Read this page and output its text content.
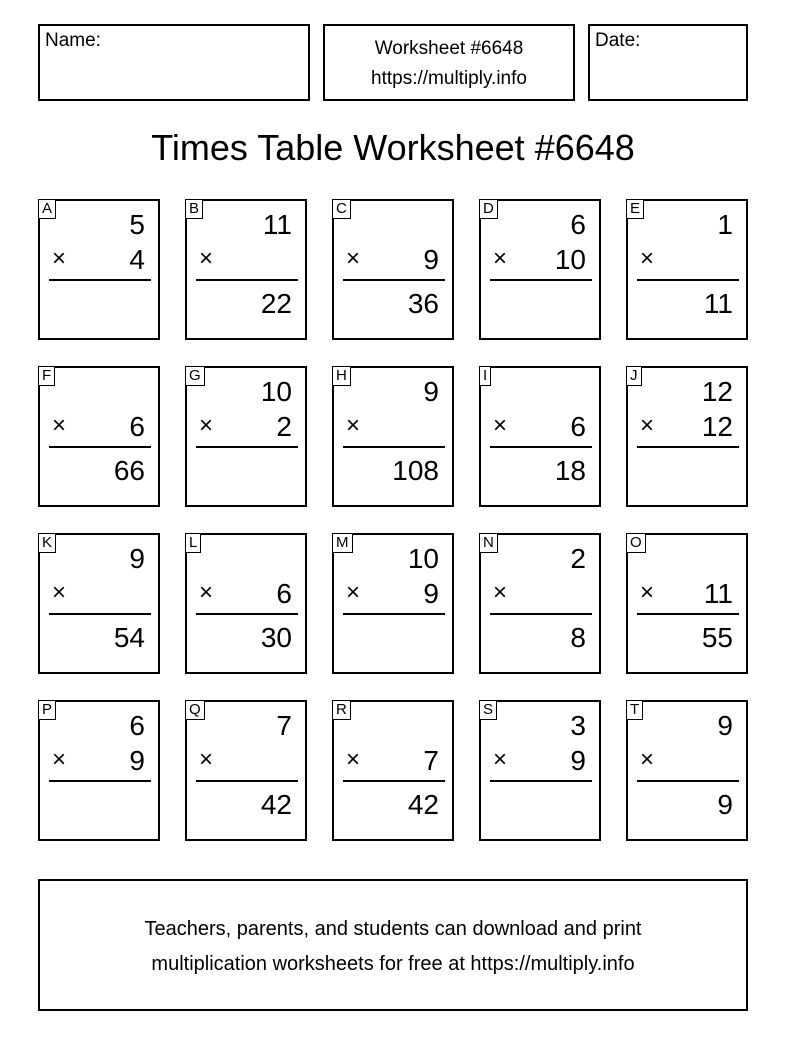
Name:	Worksheet #6648
https://multiply.info
Date:
Times Table Worksheet #6648
A
5
× 4
B
11
×
22
C
× 9
36
D
6
× 10
E
1
×
11
F
× 6
66
G
10
× 2
H
9
×
108
I
× 6
18
J
12
× 12
K
9
×
54
L
× 6
30
M
10
× 9
N
2
×
8
O
× 11
55
P
6
× 9
Q
7
×
42
R
× 7
42
S
3
× 9
T
9
×
9
Teachers, parents, and students can download and print
multiplication worksheets for free at https://multiply.info
